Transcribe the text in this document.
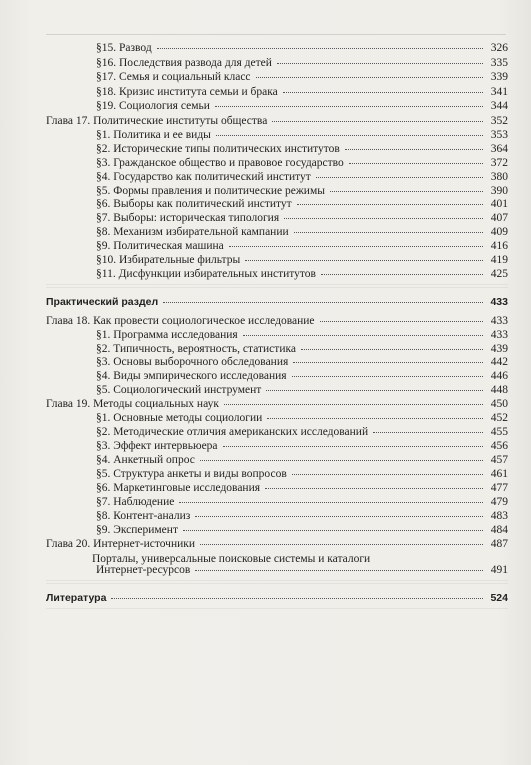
§15. Развод	326
§16. Последствия развода для детей	335
§17. Семья и социальный класс	339
§18. Кризис института семьи и брака	341
§19. Социология семьи	344
Глава 17. Политические институты общества	352
§1. Политика и ее виды	353
§2. Исторические типы политических институтов	364
§3. Гражданское общество и правовое государство	372
§4. Государство как политический институт	380
§5. Формы правления и политические режимы	390
§6. Выборы как политический институт	401
§7. Выборы: историческая типология	407
§8. Механизм избирательной кампании	409
§9. Политическая машина	416
§10. Избирательные фильтры	419
§11. Дисфункции избирательных институтов	425
Практический раздел	433
Глава 18. Как провести социологическое исследование	433
§1. Программа исследования	433
§2. Типичность, вероятность, статистика	439
§3. Основы выборочного обследования	442
§4. Виды эмпирического исследования	446
§5. Социологический инструмент	448
Глава 19. Методы социальных наук	450
§1. Основные методы социологии	452
§2. Методические отличия американских исследований	455
§3. Эффект интервьюера	456
§4. Анкетный опрос	457
§5. Структура анкеты и виды вопросов	461
§6. Маркетинговые исследования	477
§7. Наблюдение	479
§8. Контент-анализ	483
§9. Эксперимент	484
Глава 20. Интернет-источники	487
Порталы, универсальные поисковые системы и каталоги
Интернет-ресурсов	491
Литература	524
